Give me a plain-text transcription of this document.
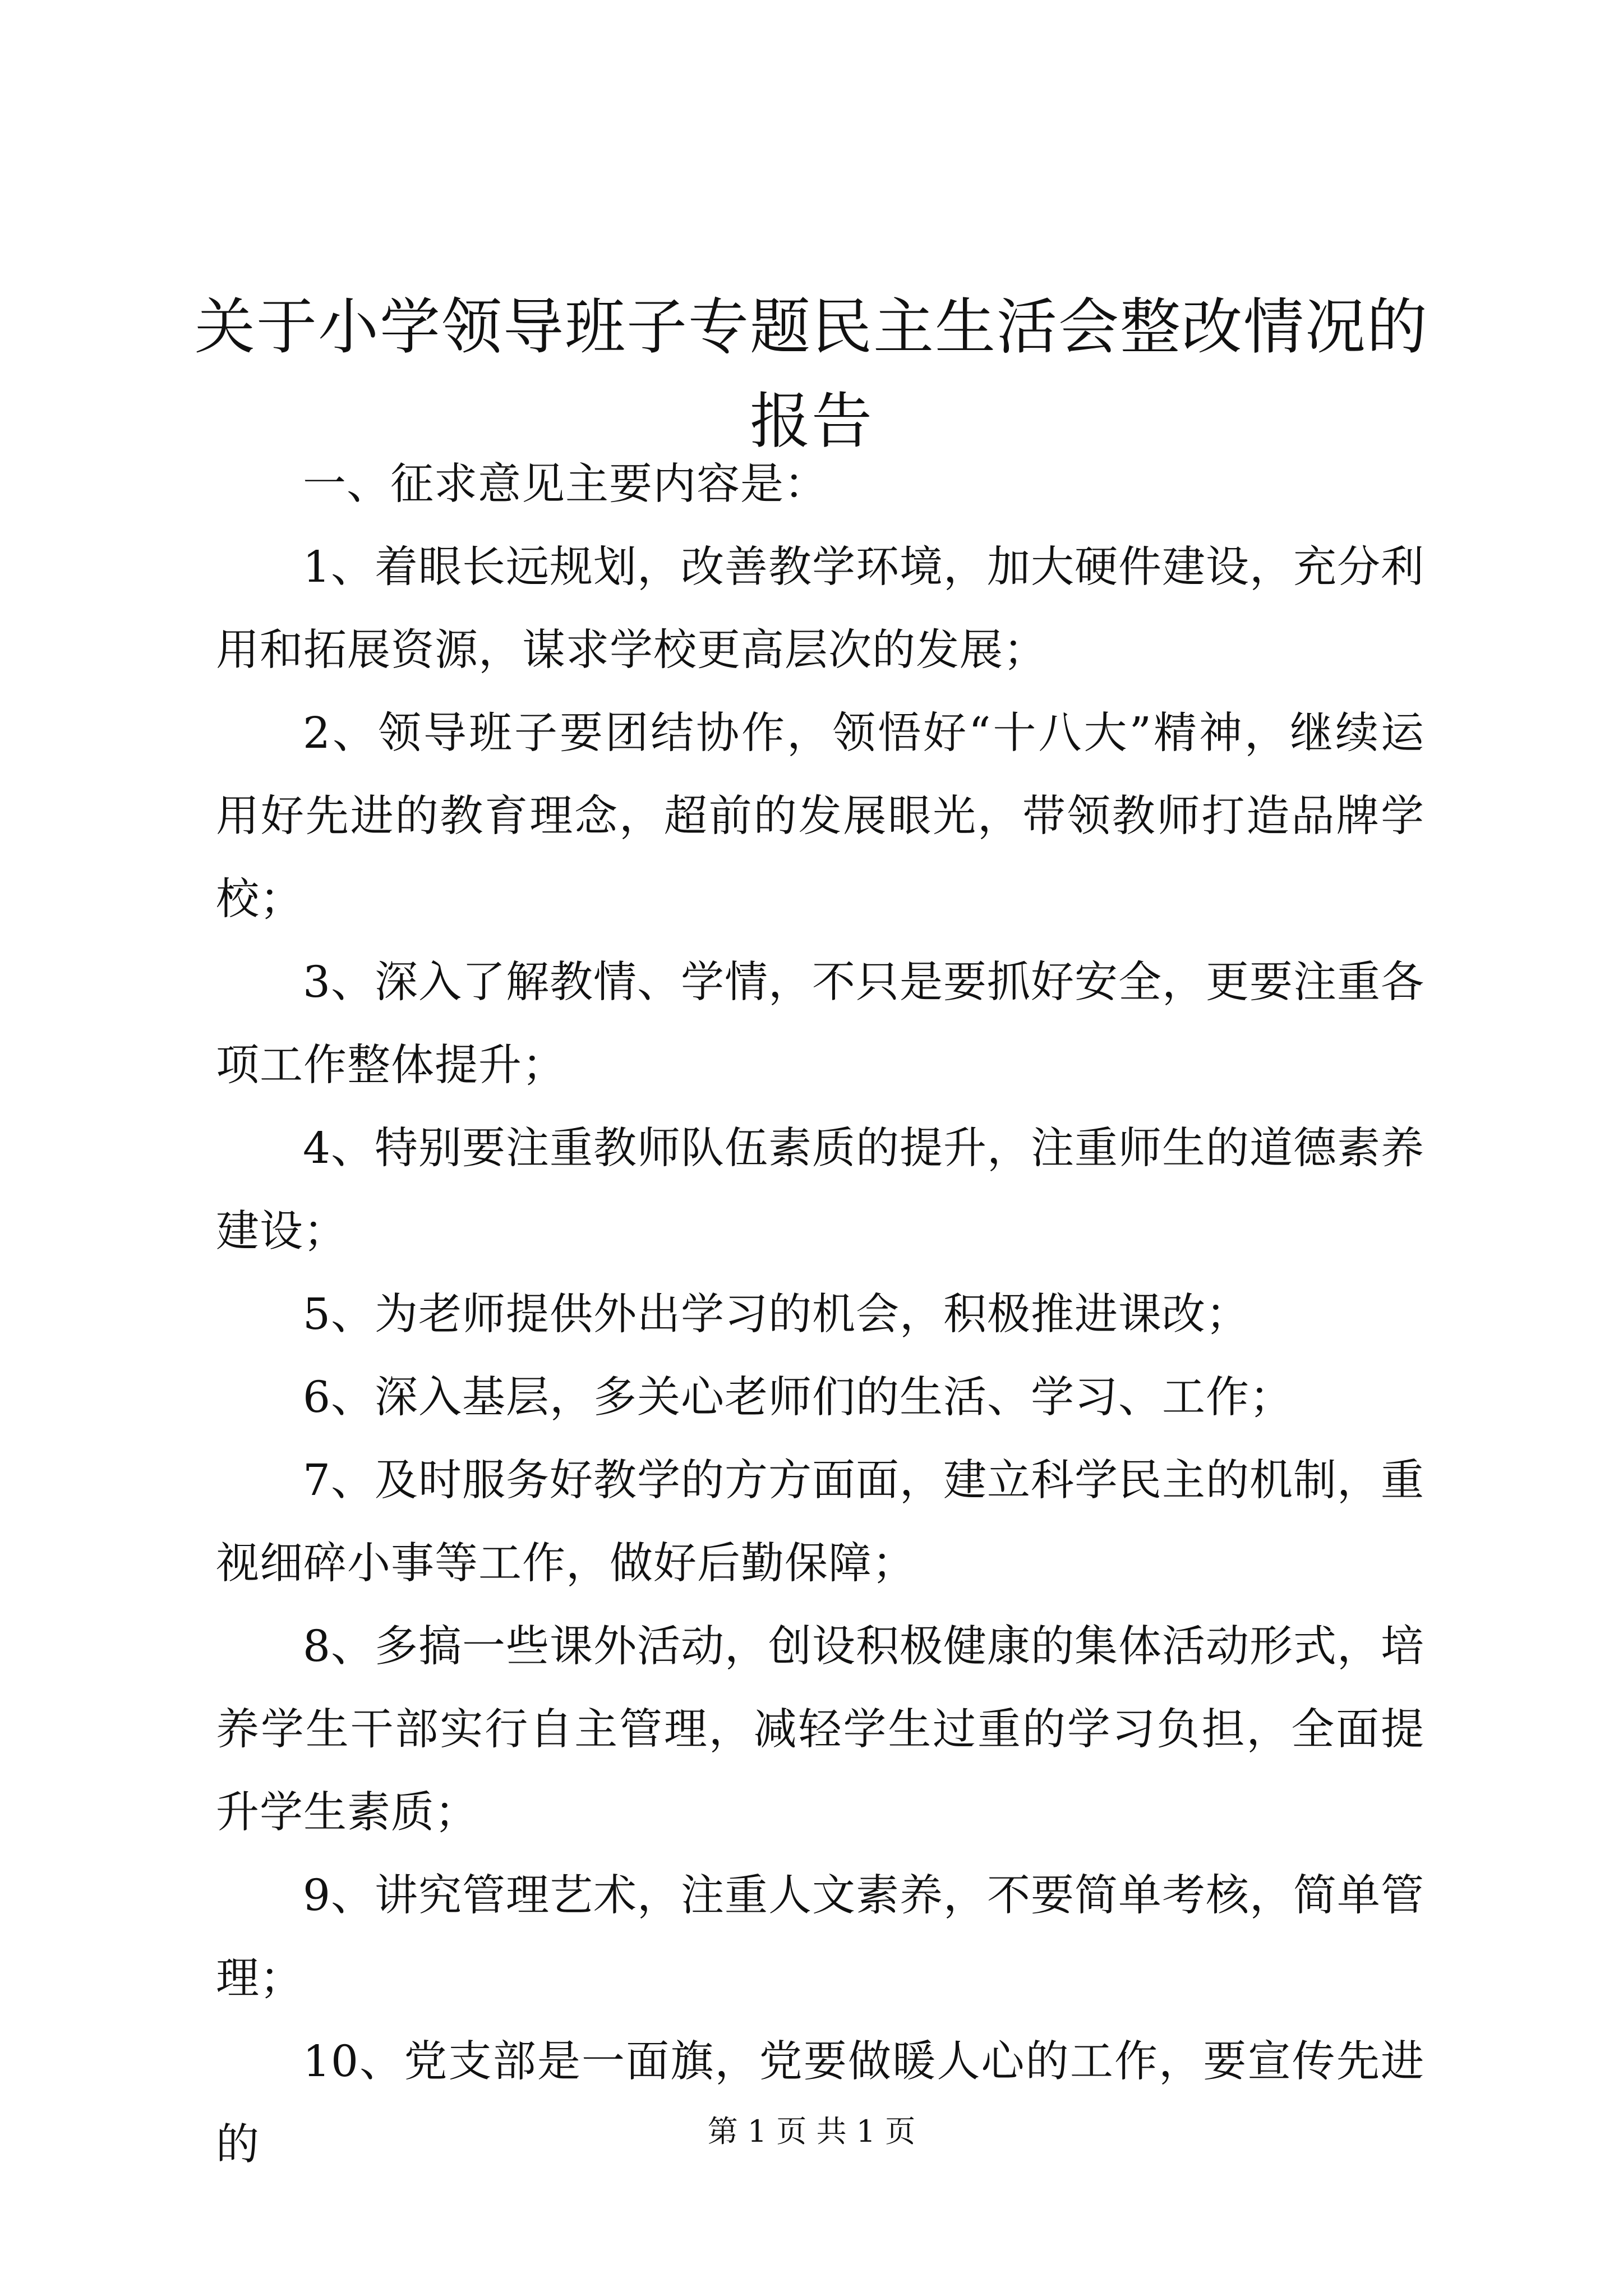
关于小学领导班子专题民主生活会整改情况的
报告

一、征求意见主要内容是：

1、着眼长远规划，改善教学环境，加大硬件建设，充分利用和拓展资源，谋求学校更高层次的发展；

2、领导班子要团结协作，领悟好“十八大”精神，继续运用好先进的教育理念，超前的发展眼光，带领教师打造品牌学校；

3、深入了解教情、学情，不只是要抓好安全，更要注重各项工作整体提升；

4、特别要注重教师队伍素质的提升，注重师生的道德素养建设；

5、为老师提供外出学习的机会，积极推进课改；

6、深入基层，多关心老师们的生活、学习、工作；

7、及时服务好教学的方方面面，建立科学民主的机制，重视细碎小事等工作，做好后勤保障；

8、多搞一些课外活动，创设积极健康的集体活动形式，培养学生干部实行自主管理，减轻学生过重的学习负担，全面提升学生素质；

9、讲究管理艺术，注重人文素养，不要简单考核，简单管理；

10、党支部是一面旗，党要做暖人心的工作，要宣传先进的	第 1 页 共 1 页
